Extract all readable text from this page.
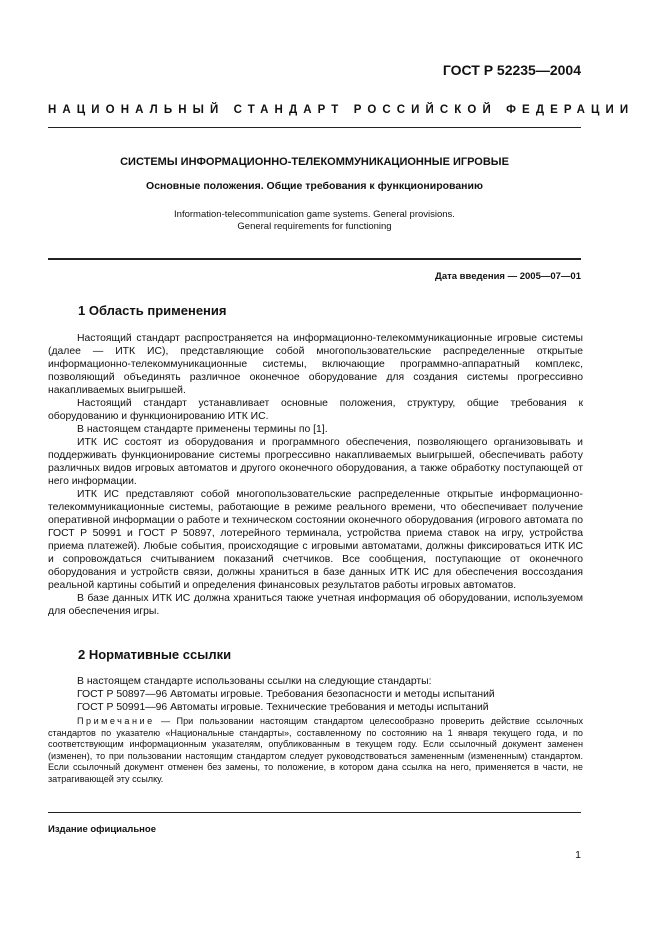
ГОСТ Р 52235—2004
НАЦИОНАЛЬНЫЙ СТАНДАРТ РОССИЙСКОЙ ФЕДЕРАЦИИ
СИСТЕМЫ ИНФОРМАЦИОННО-ТЕЛЕКОММУНИКАЦИОННЫЕ ИГРОВЫЕ
Основные положения. Общие требования к функционированию
Information-telecommunication game systems. General provisions.
General requirements for functioning
Дата введения — 2005—07—01
1 Область применения

Настоящий стандарт распространяется на информационно-телекоммуникационные игровые системы (далее — ИТК ИС), представляющие собой многопользовательские распределенные открытые информационно-телекоммуникационные системы, включающие программно-аппаратный комплекс, позволяющий объединять различное оконечное оборудование для создания системы прогрессивно накапливаемых выигрышей.

Настоящий стандарт устанавливает основные положения, структуру, общие требования к оборудованию и функционированию ИТК ИС.

В настоящем стандарте применены термины по [1].

ИТК ИС состоят из оборудования и программного обеспечения, позволяющего организовывать и поддерживать функционирование системы прогрессивно накапливаемых выигрышей, обеспечивать работу различных видов игровых автоматов и другого оконечного оборудования, а также обработку поступающей от него информации.

ИТК ИС представляют собой многопользовательские распределенные открытые информационно-телекоммуникационные системы, работающие в режиме реального времени, что обеспечивает получение оперативной информации о работе и техническом состоянии оконечного оборудования (игрового автомата по ГОСТ Р 50991 и ГОСТ Р 50897, лотерейного терминала, устройства приема ставок на игру, устройства приема платежей). Любые события, происходящие с игровыми автоматами, должны фиксироваться ИТК ИС и сопровождаться считыванием показаний счетчиков. Все сообщения, поступающие от оконечного оборудования и устройств связи, должны храниться в базе данных ИТК ИС для обеспечения воссоздания реальной картины событий и определения финансовых результатов работы игровых автоматов.

В базе данных ИТК ИС должна храниться также учетная информация об оборудовании, используемом для обеспечения игры.

2 Нормативные ссылки

В настоящем стандарте использованы ссылки на следующие стандарты:

ГОСТ Р 50897—96 Автоматы игровые. Требования безопасности и методы испытаний

ГОСТ Р 50991—96 Автоматы игровые. Технические требования и методы испытаний

Примечание — При пользовании настоящим стандартом целесообразно проверить действие ссылочных стандартов по указателю «Национальные стандарты», составленному по состоянию на 1 января текущего года, и по соответствующим информационным указателям, опубликованным в текущем году. Если ссылочный документ заменен (изменен), то при пользовании настоящим стандартом следует руководствоваться замененным (измененным) стандартом. Если ссылочный документ отменен без замены, то положение, в котором дана ссылка на него, применяется в части, не затрагивающей эту ссылку.

Издание официальное
1
